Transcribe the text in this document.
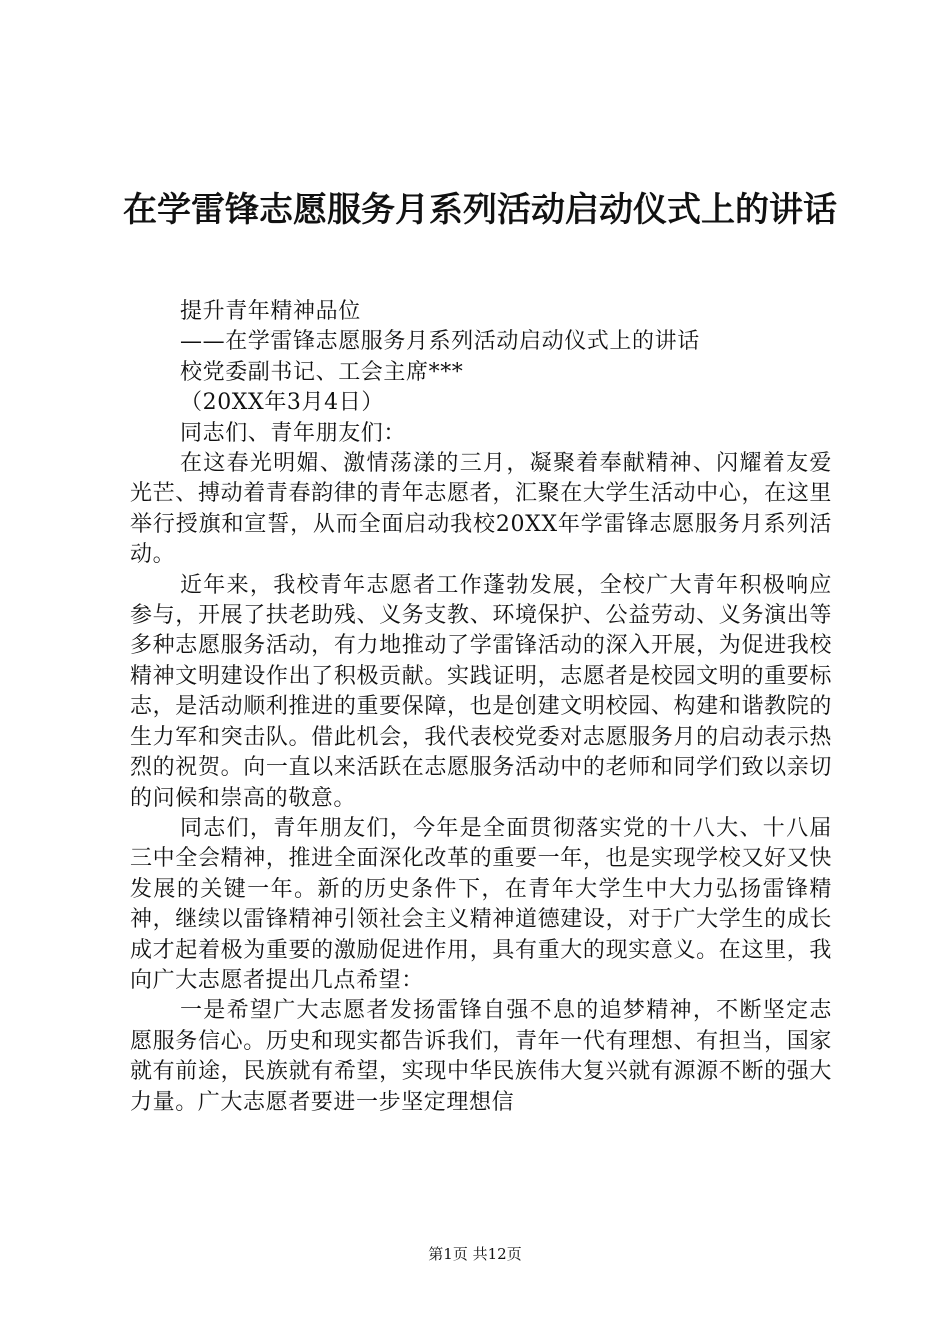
在学雷锋志愿服务月系列活动启动仪式上的讲话
提升青年精神品位
——在学雷锋志愿服务月系列活动启动仪式上的讲话
校党委副书记、工会主席***
（20XX年3月4日）
同志们、青年朋友们：

在这春光明媚、激情荡漾的三月，凝聚着奉献精神、闪耀着友爱光芒、搏动着青春韵律的青年志愿者，汇聚在大学生活动中心，在这里举行授旗和宣誓，从而全面启动我校20XX年学雷锋志愿服务月系列活动。

近年来，我校青年志愿者工作蓬勃发展，全校广大青年积极响应参与，开展了扶老助残、义务支教、环境保护、公益劳动、义务演出等多种志愿服务活动，有力地推动了学雷锋活动的深入开展，为促进我校精神文明建设作出了积极贡献。实践证明，志愿者是校园文明的重要标志，是活动顺利推进的重要保障，也是创建文明校园、构建和谐教院的生力军和突击队。借此机会，我代表校党委对志愿服务月的启动表示热烈的祝贺。向一直以来活跃在志愿服务活动中的老师和同学们致以亲切的问候和崇高的敬意。

同志们，青年朋友们，今年是全面贯彻落实党的十八大、十八届三中全会精神，推进全面深化改革的重要一年，也是实现学校又好又快发展的关键一年。新的历史条件下，在青年大学生中大力弘扬雷锋精神，继续以雷锋精神引领社会主义精神道德建设，对于广大学生的成长成才起着极为重要的激励促进作用，具有重大的现实意义。在这里，我向广大志愿者提出几点希望：

一是希望广大志愿者发扬雷锋自强不息的追梦精神，不断坚定志愿服务信心。历史和现实都告诉我们，青年一代有理想、有担当，国家就有前途，民族就有希望，实现中华民族伟大复兴就有源源不断的强大力量。广大志愿者要进一步坚定理想信

第1页 共12页
